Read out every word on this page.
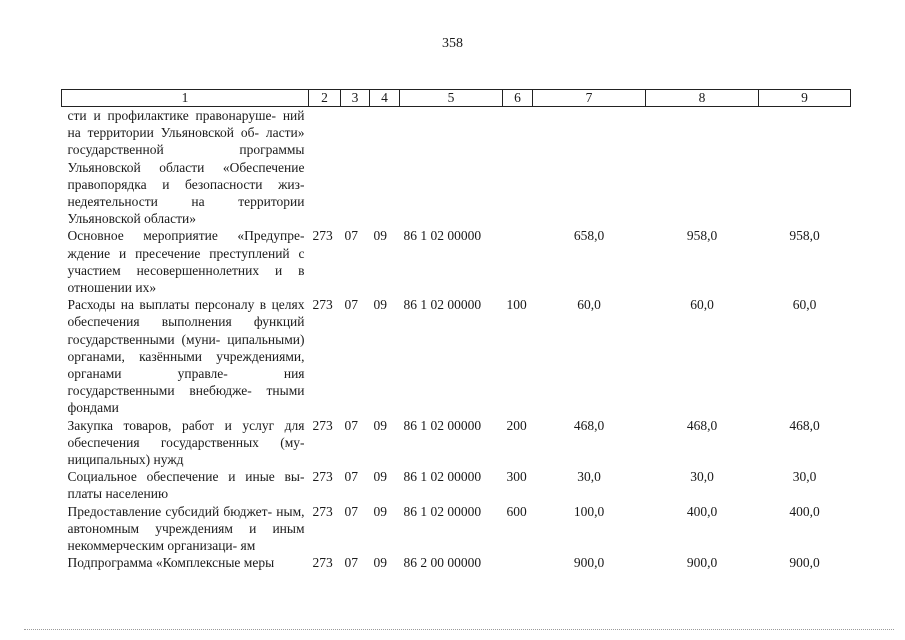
358
1	2	3	4	5	6	7	8	9
сти и профилактике правонаруше- ний на территории Ульяновской об- ласти» государственной программы Ульяновской области «Обеспечение правопорядка и безопасности жиз- недеятельности на территории Ульяновской области»								
Основное мероприятие «Предупре- ждение и пресечение преступлений с участием несовершеннолетних и в отношении их»	273	07	09	86 1 02 00000		658,0	958,0	958,0
Расходы на выплаты персоналу в целях обеспечения выполнения функций государственными (муни- ципальными) органами, казёнными учреждениями, органами управле- ния государственными внебюдже- тными фондами	273	07	09	86 1 02 00000	100	60,0	60,0	60,0
Закупка товаров, работ и услуг для обеспечения государственных (му- ниципальных) нужд	273	07	09	86 1 02 00000	200	468,0	468,0	468,0
Социальное обеспечение и иные вы- платы населению	273	07	09	86 1 02 00000	300	30,0	30,0	30,0
Предоставление субсидий бюджет- ным, автономным учреждениям и иным некоммерческим организаци- ям	273	07	09	86 1 02 00000	600	100,0	400,0	400,0
Подпрограмма «Комплексные меры	273	07	09	86 2 00 00000		900,0	900,0	900,0
